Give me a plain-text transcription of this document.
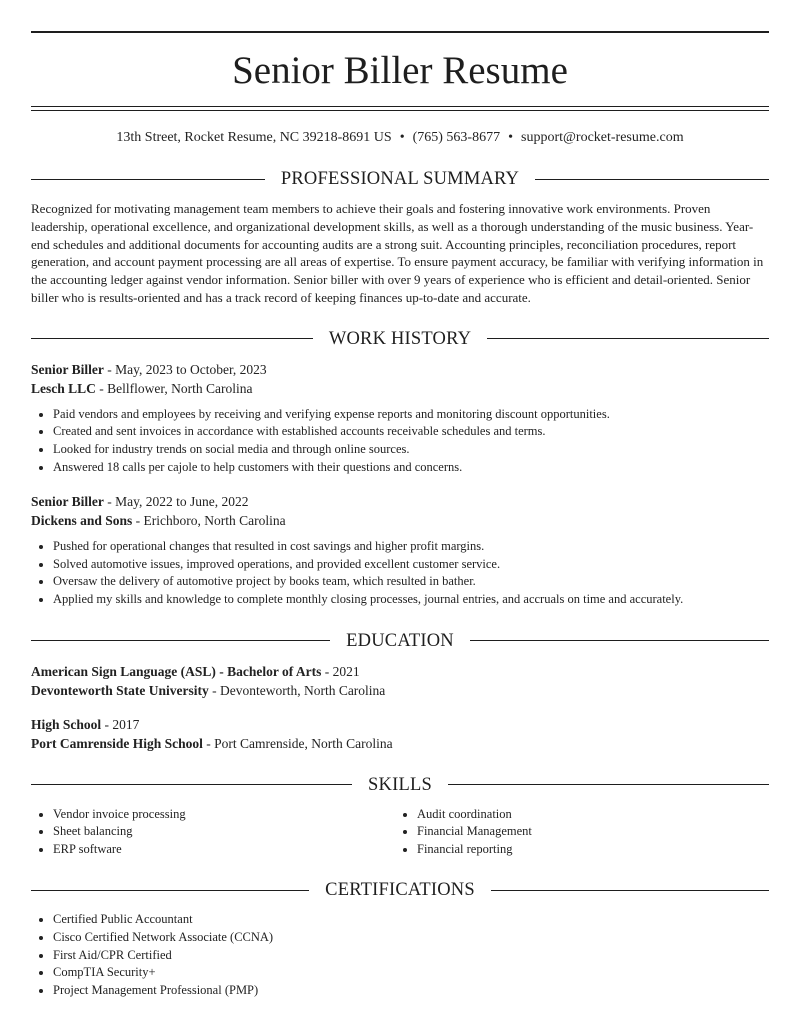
Senior Biller Resume
13th Street, Rocket Resume, NC 39218-8691 US • (765) 563-8677 • support@rocket-resume.com
PROFESSIONAL SUMMARY
Recognized for motivating management team members to achieve their goals and fostering innovative work environments. Proven leadership, operational excellence, and organizational development skills, as well as a thorough understanding of the music business. Year-end schedules and additional documents for accounting audits are a strong suit. Accounting principles, reconciliation procedures, report generation, and account payment processing are all areas of expertise. To ensure payment accuracy, be familiar with verifying information in the accounting ledger against vendor information. Senior biller with over 9 years of experience who is efficient and detail-oriented. Senior biller who is results-oriented and has a track record of keeping finances up-to-date and accurate.
WORK HISTORY
Senior Biller - May, 2023 to October, 2023
Lesch LLC - Bellflower, North Carolina
• Paid vendors and employees by receiving and verifying expense reports and monitoring discount opportunities.
• Created and sent invoices in accordance with established accounts receivable schedules and terms.
• Looked for industry trends on social media and through online sources.
• Answered 18 calls per cajole to help customers with their questions and concerns.
Senior Biller - May, 2022 to June, 2022
Dickens and Sons - Erichboro, North Carolina
• Pushed for operational changes that resulted in cost savings and higher profit margins.
• Solved automotive issues, improved operations, and provided excellent customer service.
• Oversaw the delivery of automotive project by books team, which resulted in bather.
• Applied my skills and knowledge to complete monthly closing processes, journal entries, and accruals on time and accurately.
EDUCATION
American Sign Language (ASL) - Bachelor of Arts - 2021
Devonteworth State University - Devonteworth, North Carolina
High School - 2017
Port Camrenside High School - Port Camrenside, North Carolina
SKILLS
• Vendor invoice processing
• Sheet balancing
• ERP software
• Audit coordination
• Financial Management
• Financial reporting
CERTIFICATIONS
• Certified Public Accountant
• Cisco Certified Network Associate (CCNA)
• First Aid/CPR Certified
• CompTIA Security+
• Project Management Professional (PMP)
